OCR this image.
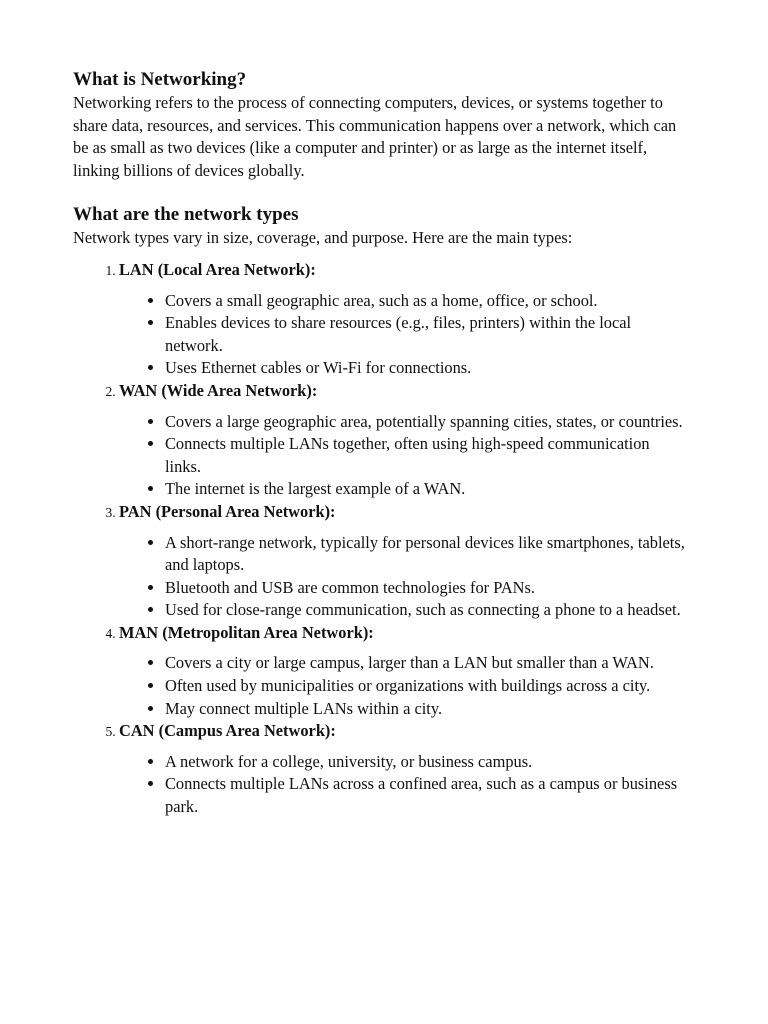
What is Networking?

Networking refers to the process of connecting computers, devices, or systems together to share data, resources, and services. This communication happens over a network, which can be as small as two devices (like a computer and printer) or as large as the internet itself, linking billions of devices globally.

What are the network types

Network types vary in size, coverage, and purpose. Here are the main types:

1. LAN (Local Area Network):
• Covers a small geographic area, such as a home, office, or school.
• Enables devices to share resources (e.g., files, printers) within the local network.
• Uses Ethernet cables or Wi-Fi for connections.
2. WAN (Wide Area Network):
• Covers a large geographic area, potentially spanning cities, states, or countries.
• Connects multiple LANs together, often using high-speed communication links.
• The internet is the largest example of a WAN.
3. PAN (Personal Area Network):
• A short-range network, typically for personal devices like smartphones, tablets, and laptops.
• Bluetooth and USB are common technologies for PANs.
• Used for close-range communication, such as connecting a phone to a headset.
4. MAN (Metropolitan Area Network):
• Covers a city or large campus, larger than a LAN but smaller than a WAN.
• Often used by municipalities or organizations with buildings across a city.
• May connect multiple LANs within a city.
5. CAN (Campus Area Network):
• A network for a college, university, or business campus.
• Connects multiple LANs across a confined area, such as a campus or business park.
